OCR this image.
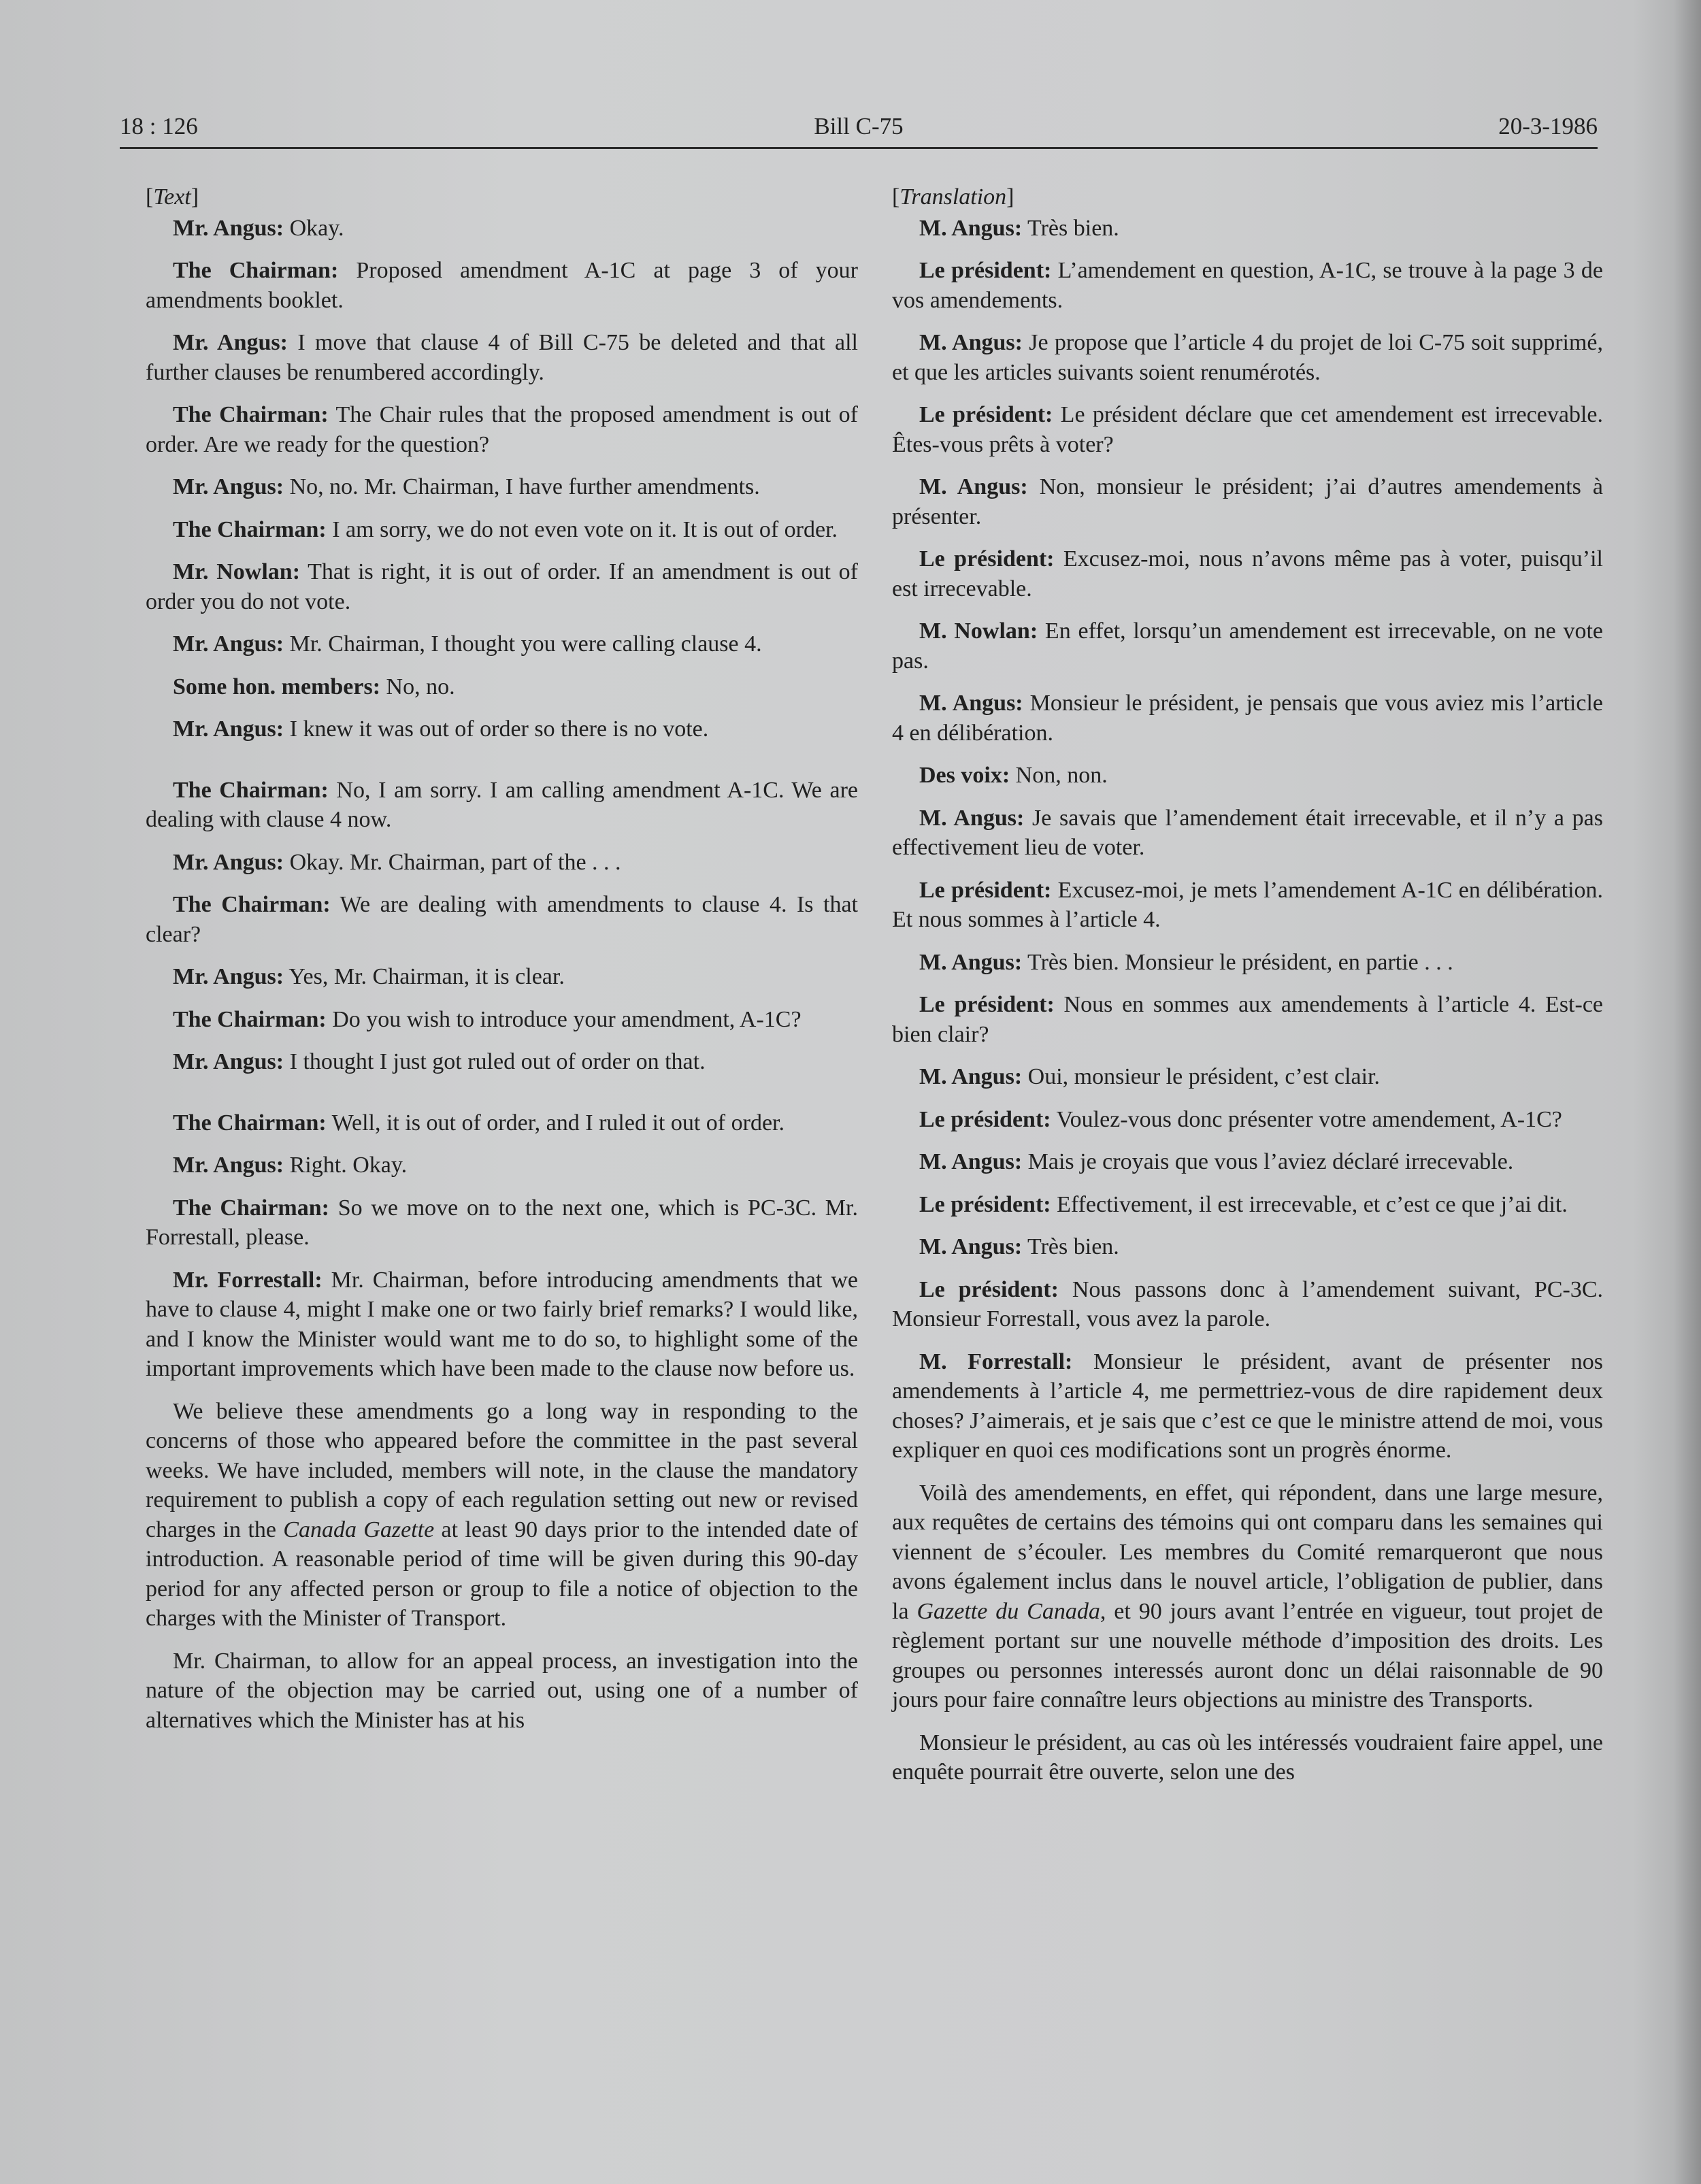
18 : 126	Bill C-75	20-3-1986

[Text]

Mr. Angus: Okay.

The Chairman: Proposed amendment A-1C at page 3 of your amendments booklet.

Mr. Angus: I move that clause 4 of Bill C-75 be deleted and that all further clauses be renumbered accordingly.

The Chairman: The Chair rules that the proposed amendment is out of order. Are we ready for the question?

Mr. Angus: No, no. Mr. Chairman, I have further amendments.

The Chairman: I am sorry, we do not even vote on it. It is out of order.

Mr. Nowlan: That is right, it is out of order. If an amendment is out of order you do not vote.

Mr. Angus: Mr. Chairman, I thought you were calling clause 4.

Some hon. members: No, no.

Mr. Angus: I knew it was out of order so there is no vote.

The Chairman: No, I am sorry. I am calling amendment A-1C. We are dealing with clause 4 now.

Mr. Angus: Okay. Mr. Chairman, part of the . . .

The Chairman: We are dealing with amendments to clause 4. Is that clear?

Mr. Angus: Yes, Mr. Chairman, it is clear.

The Chairman: Do you wish to introduce your amendment, A-1C?

Mr. Angus: I thought I just got ruled out of order on that.

The Chairman: Well, it is out of order, and I ruled it out of order.

Mr. Angus: Right. Okay.

The Chairman: So we move on to the next one, which is PC-3C. Mr. Forrestall, please.

Mr. Forrestall: Mr. Chairman, before introducing amendments that we have to clause 4, might I make one or two fairly brief remarks? I would like, and I know the Minister would want me to do so, to highlight some of the important improvements which have been made to the clause now before us.

We believe these amendments go a long way in responding to the concerns of those who appeared before the committee in the past several weeks. We have included, members will note, in the clause the mandatory requirement to publish a copy of each regulation setting out new or revised charges in the Canada Gazette at least 90 days prior to the intended date of introduction. A reasonable period of time will be given during this 90-day period for any affected person or group to file a notice of objection to the charges with the Minister of Transport.

Mr. Chairman, to allow for an appeal process, an investigation into the nature of the objection may be carried out, using one of a number of alternatives which the Minister has at his

[Translation]

M. Angus: Très bien.

Le président: L’amendement en question, A-1C, se trouve à la page 3 de vos amendements.

M. Angus: Je propose que l’article 4 du projet de loi C-75 soit supprimé, et que les articles suivants soient renumérotés.

Le président: Le président déclare que cet amendement est irrecevable. Êtes-vous prêts à voter?

M. Angus: Non, monsieur le président; j’ai d’autres amendements à présenter.

Le président: Excusez-moi, nous n’avons même pas à voter, puisqu’il est irrecevable.

M. Nowlan: En effet, lorsqu’un amendement est irrecevable, on ne vote pas.

M. Angus: Monsieur le président, je pensais que vous aviez mis l’article 4 en délibération.

Des voix: Non, non.

M. Angus: Je savais que l’amendement était irrecevable, et il n’y a pas effectivement lieu de voter.

Le président: Excusez-moi, je mets l’amendement A-1C en délibération. Et nous sommes à l’article 4.

M. Angus: Très bien. Monsieur le président, en partie . . .

Le président: Nous en sommes aux amendements à l’article 4. Est-ce bien clair?

M. Angus: Oui, monsieur le président, c’est clair.

Le président: Voulez-vous donc présenter votre amendement, A-1C?

M. Angus: Mais je croyais que vous l’aviez déclaré irrecevable.

Le président: Effectivement, il est irrecevable, et c’est ce que j’ai dit.

M. Angus: Très bien.

Le président: Nous passons donc à l’amendement suivant, PC-3C. Monsieur Forrestall, vous avez la parole.

M. Forrestall: Monsieur le président, avant de présenter nos amendements à l’article 4, me permettriez-vous de dire rapidement deux choses? J’aimerais, et je sais que c’est ce que le ministre attend de moi, vous expliquer en quoi ces modifications sont un progrès énorme.

Voilà des amendements, en effet, qui répondent, dans une large mesure, aux requêtes de certains des témoins qui ont comparu dans les semaines qui viennent de s’écouler. Les membres du Comité remarqueront que nous avons également inclus dans le nouvel article, l’obligation de publier, dans la Gazette du Canada, et 90 jours avant l’entrée en vigueur, tout projet de règlement portant sur une nouvelle méthode d’imposition des droits. Les groupes ou personnes interessés auront donc un délai raisonnable de 90 jours pour faire connaître leurs objections au ministre des Transports.

Monsieur le président, au cas où les intéressés voudraient faire appel, une enquête pourrait être ouverte, selon une des
